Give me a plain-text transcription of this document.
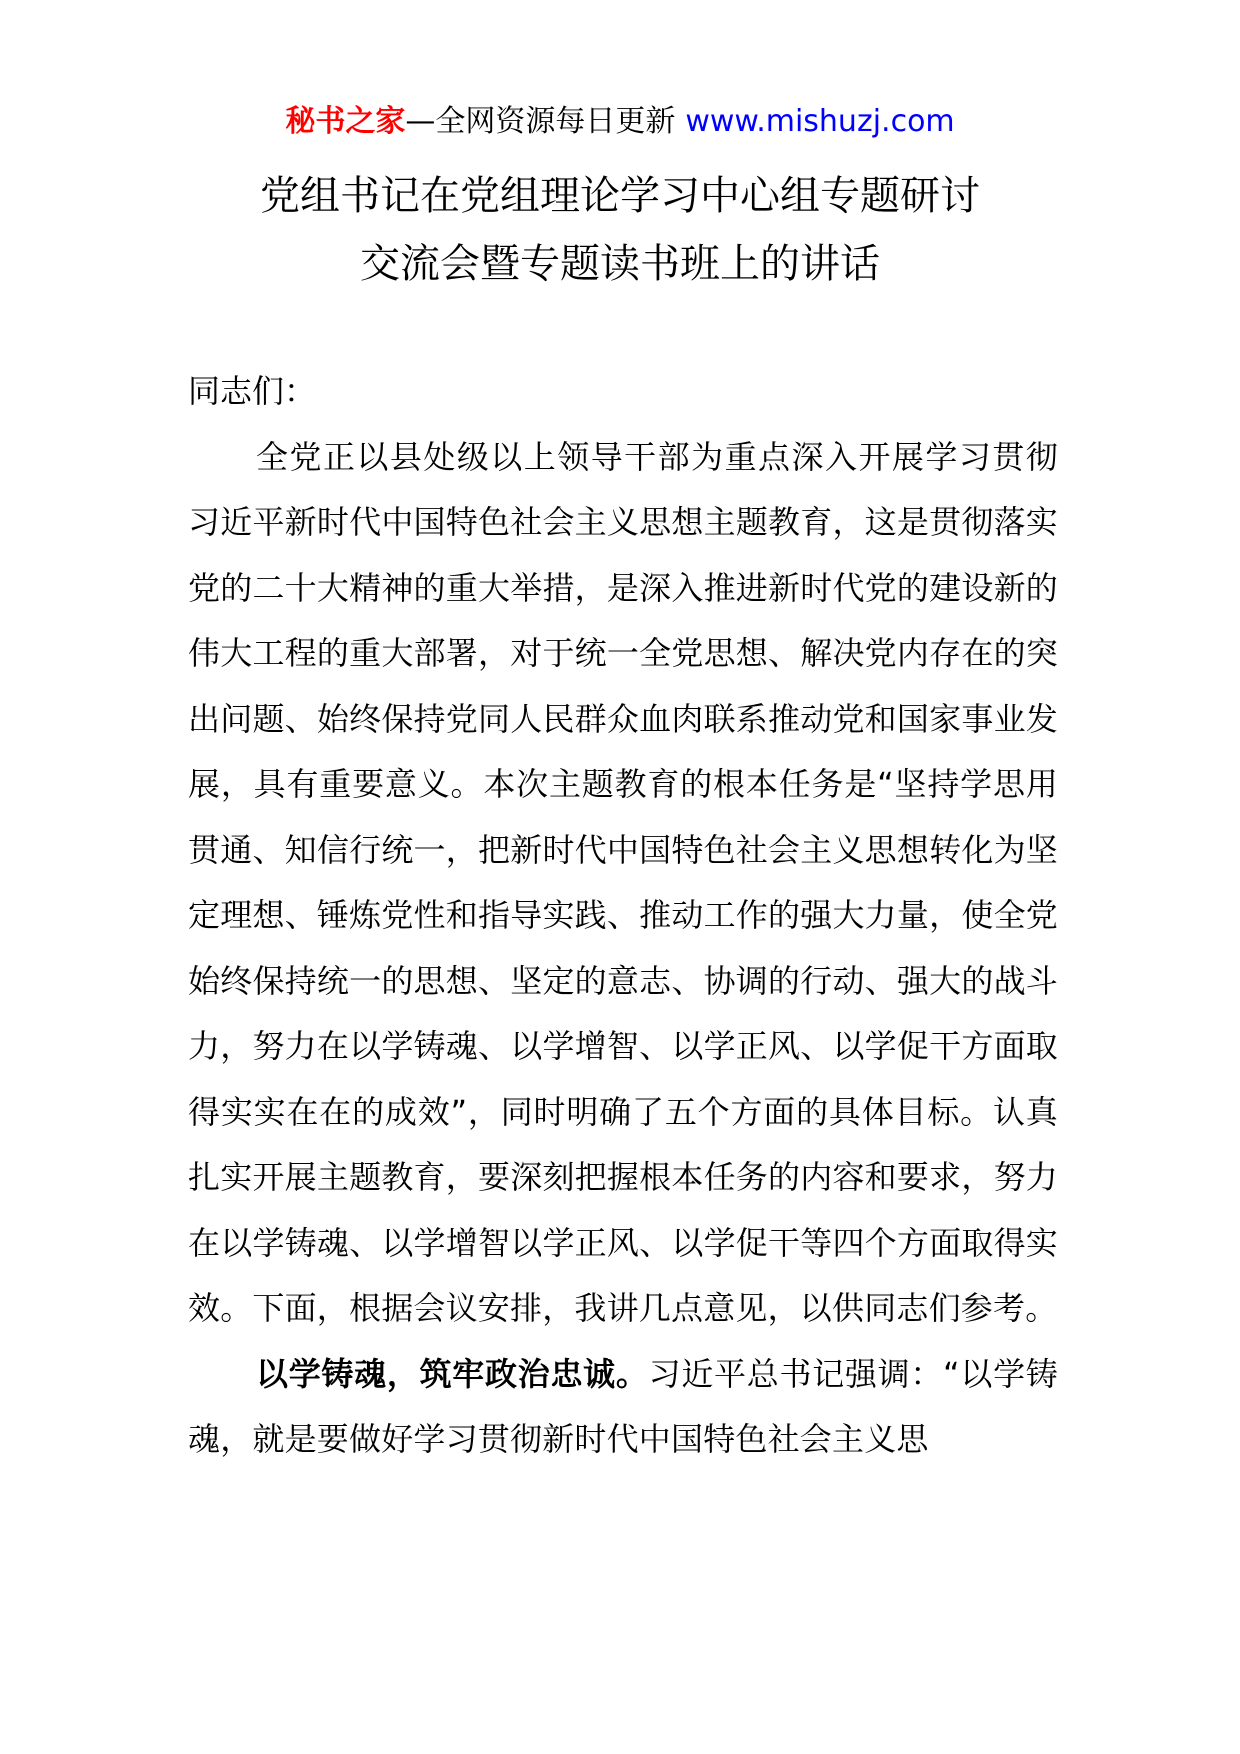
秘书之家—全网资源每日更新 www.mishuzj.com
党组书记在党组理论学习中心组专题研讨
交流会暨专题读书班上的讲话

同志们：

全党正以县处级以上领导干部为重点深入开展学习贯彻习近平新时代中国特色社会主义思想主题教育，这是贯彻落实党的二十大精神的重大举措，是深入推进新时代党的建设新的伟大工程的重大部署，对于统一全党思想、解决党内存在的突出问题、始终保持党同人民群众血肉联系推动党和国家事业发展，具有重要意义。本次主题教育的根本任务是“坚持学思用贯通、知信行统一，把新时代中国特色社会主义思想转化为坚定理想、锤炼党性和指导实践、推动工作的强大力量，使全党始终保持统一的思想、坚定的意志、协调的行动、强大的战斗力，努力在以学铸魂、以学增智、以学正风、以学促干方面取得实实在在的成效”，同时明确了五个方面的具体目标。认真扎实开展主题教育，要深刻把握根本任务的内容和要求，努力在以学铸魂、以学增智以学正风、以学促干等四个方面取得实效。下面，根据会议安排，我讲几点意见，以供同志们参考。

以学铸魂，筑牢政治忠诚。习近平总书记强调：“以学铸魂，就是要做好学习贯彻新时代中国特色社会主义思
